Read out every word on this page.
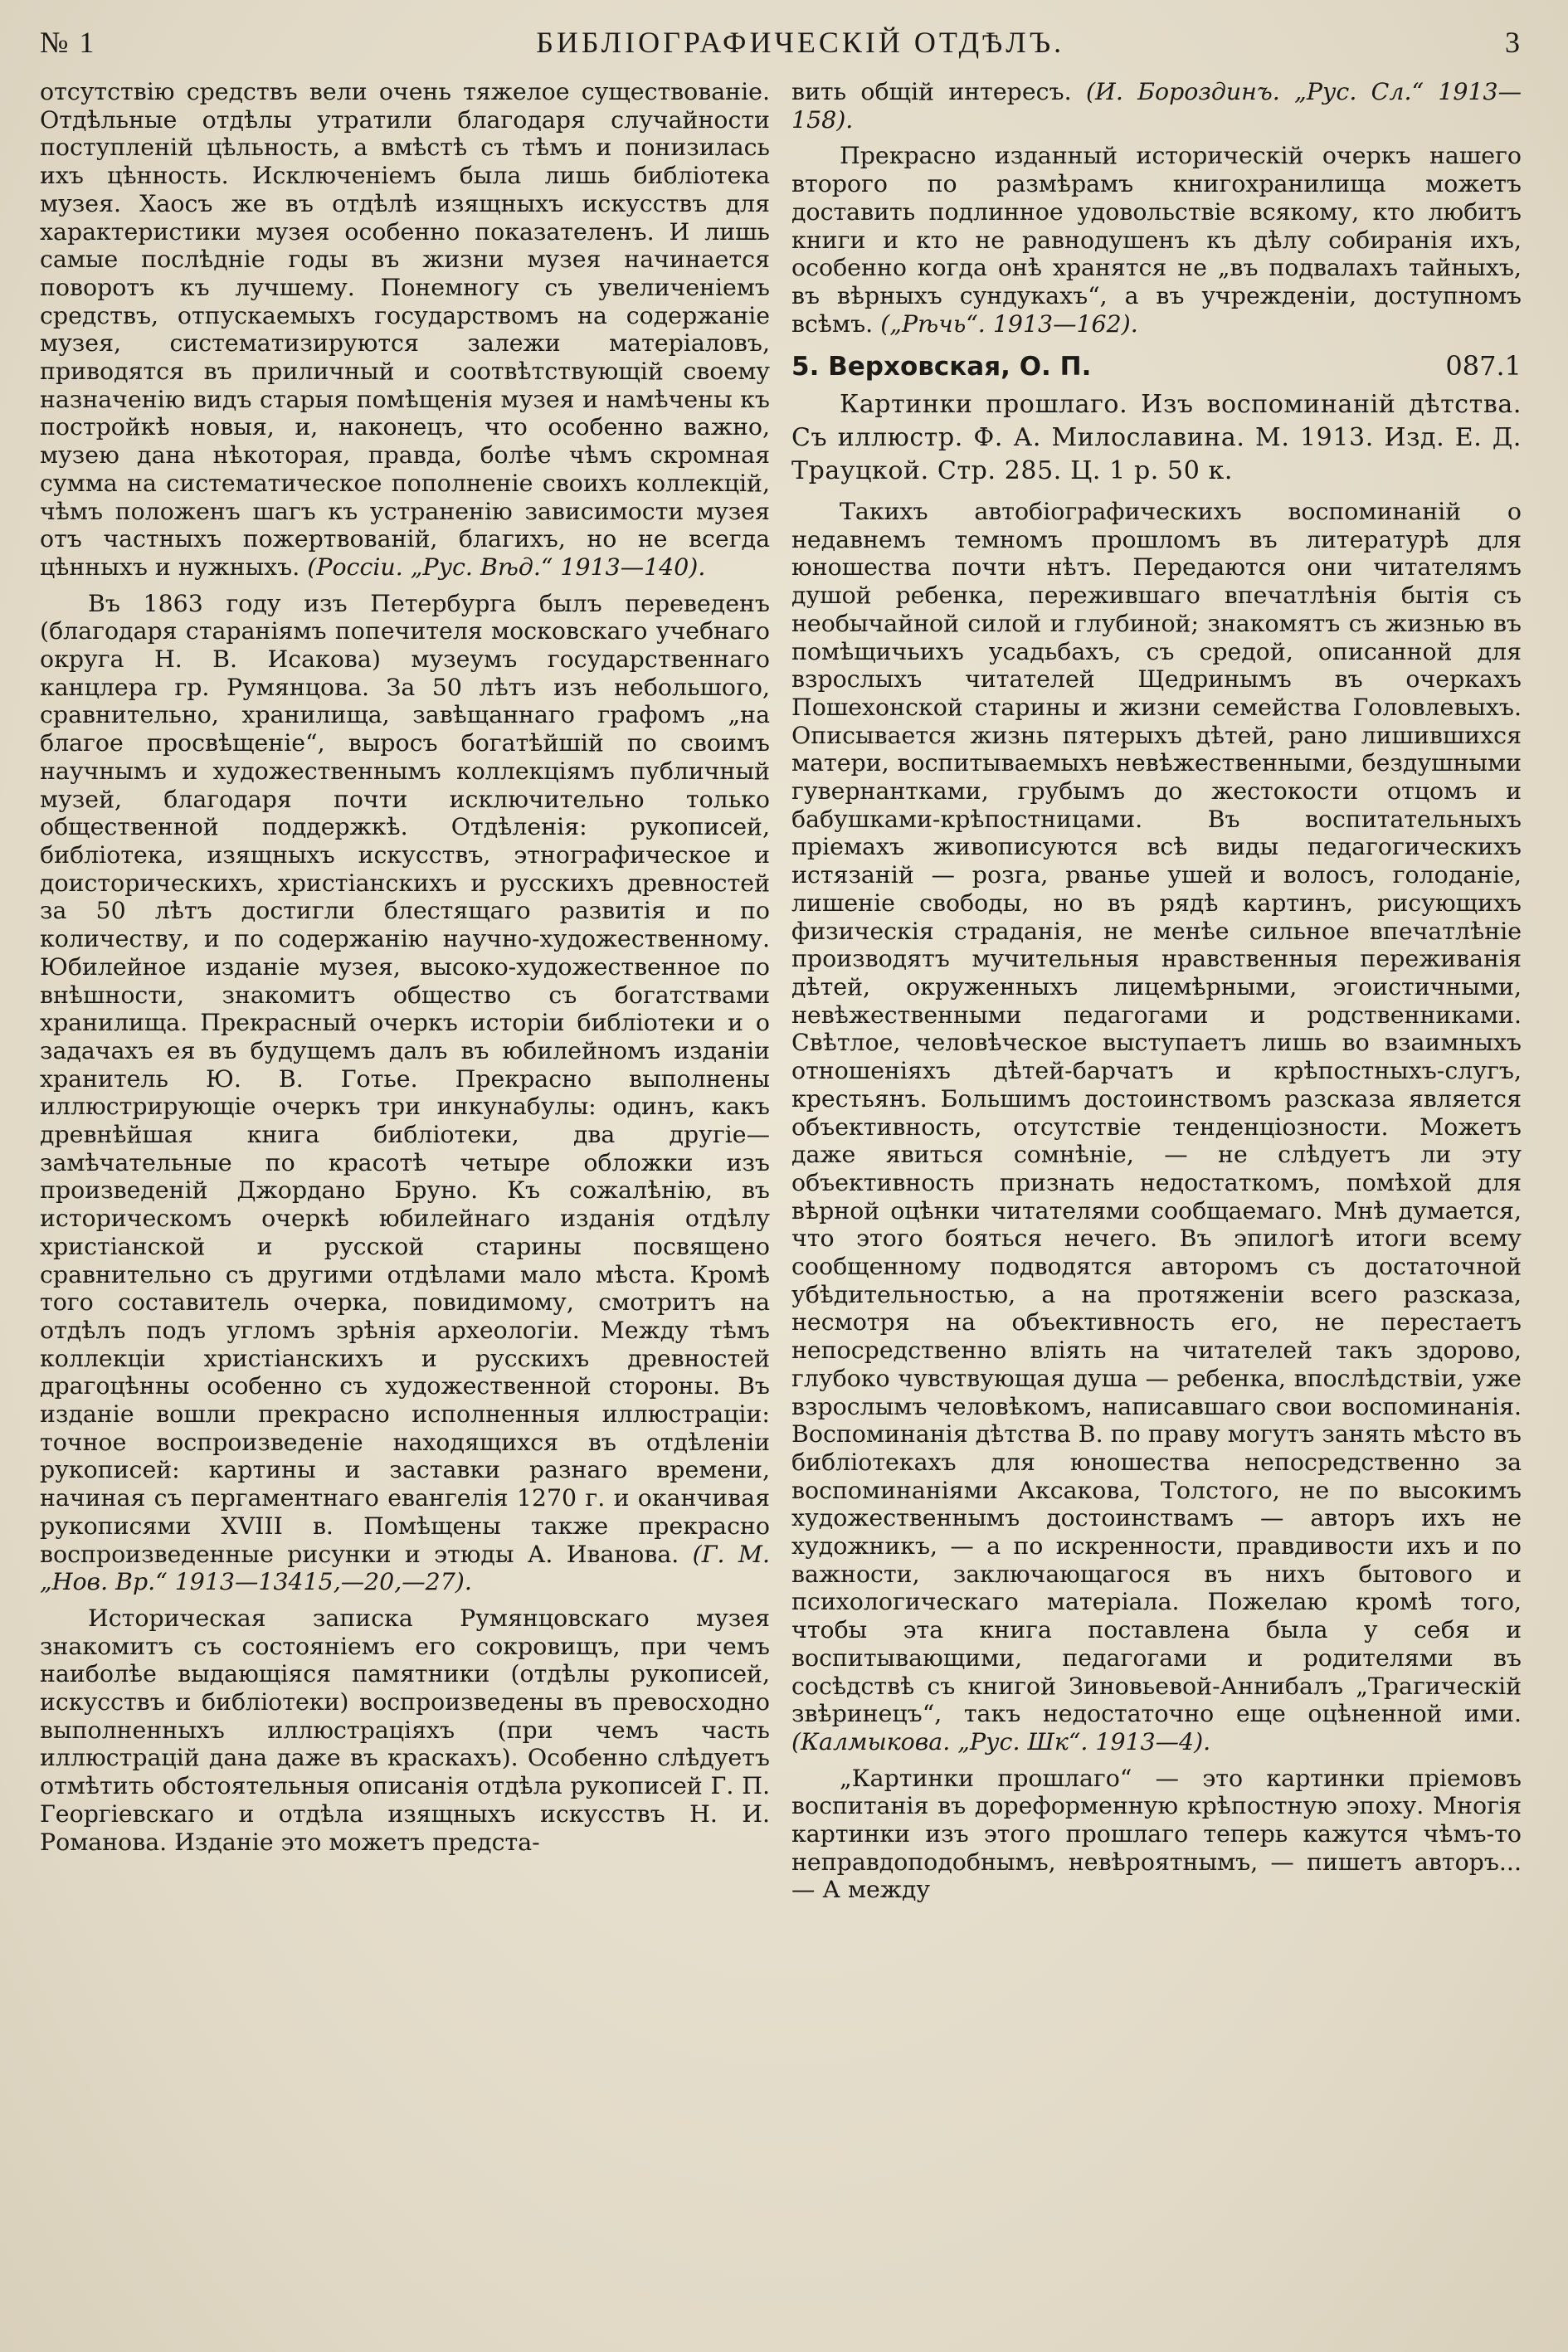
№ 1	БИБЛIОГРАФИЧЕСКIЙ ОТДѢЛЪ.	3

отсутствію средствъ вели очень тяжелое существованіе. Отдѣльные отдѣлы утратили благодаря случайности поступленій цѣльность, а вмѣстѣ съ тѣмъ и понизилась ихъ цѣнность. Исключеніемъ была лишь библіотека музея. Хаосъ же въ отдѣлѣ изящныхъ искусствъ для характеристики музея особенно показателенъ. И лишь самые послѣдніе годы въ жизни музея начинается поворотъ къ лучшему. Понемногу съ увеличеніемъ средствъ, отпускаемыхъ государствомъ на содержаніе музея, систематизируются залежи матеріаловъ, приводятся въ приличный и соотвѣтствующій своему назначенію видъ старыя помѣщенія музея и намѣчены къ постройкѣ новыя, и, наконецъ, что особенно важно, музею дана нѣкоторая, правда, болѣе чѣмъ скромная сумма на систематическое пополненіе своихъ коллекцій, чѣмъ положенъ шагъ къ устраненію зависимости музея отъ частныхъ пожертвованій, благихъ, но не всегда цѣнныхъ и нужныхъ. (Россіи. „Рус. Вѣд.“ 1913—140).

Въ 1863 году изъ Петербурга былъ переведенъ (благодаря стараніямъ попечителя московскаго учебнаго округа Н. В. Исакова) музеумъ государственнаго канцлера гр. Румянцова. За 50 лѣтъ изъ небольшого, сравнительно, хранилища, завѣщаннаго графомъ „на благое просвѣщеніе“, выросъ богатѣйшій по своимъ научнымъ и художественнымъ коллекціямъ публичный музей, благодаря почти исключительно только общественной поддержкѣ. Отдѣленія: рукописей, библіотека, изящныхъ искусствъ, этнографическое и доисторическихъ, христіанскихъ и русскихъ древностей за 50 лѣтъ достигли блестящаго развитія и по количеству, и по содержанію научно-художественному. Юбилейное изданіе музея, высоко-художественное по внѣшности, знакомитъ общество съ богатствами хранилища. Прекрасный очеркъ исторіи библіотеки и о задачахъ ея въ будущемъ далъ въ юбилейномъ изданіи хранитель Ю. В. Готье. Прекрасно выполнены иллюстрирующіе очеркъ три инкунабулы: одинъ, какъ древнѣйшая книга библіотеки, два другіе— замѣчательные по красотѣ четыре обложки изъ произведеній Джордано Бруно. Къ сожалѣнію, въ историческомъ очеркѣ юбилейнаго изданія отдѣлу христіанской и русской старины посвящено сравнительно съ другими отдѣлами мало мѣста. Кромѣ того составитель очерка, повидимому, смотритъ на отдѣлъ подъ угломъ зрѣнія археологіи. Между тѣмъ коллекціи христіанскихъ и русскихъ древностей драгоцѣнны особенно съ художественной стороны. Въ изданіе вошли прекрасно исполненныя иллюстраціи: точное воспроизведеніе находящихся въ отдѣленіи рукописей: картины и заставки разнаго времени, начиная съ пергаментнаго евангелія 1270 г. и оканчивая рукописями XVIII в. Помѣщены также прекрасно воспроизведенные рисунки и этюды А. Иванова. (Г. М. „Нов. Вр.“ 1913—13415,—20,—27).

Историческая записка Румянцовскаго музея знакомитъ съ состояніемъ его сокровищъ, при чемъ наиболѣе выдающіяся памятники (отдѣлы рукописей, искусствъ и библіотеки) воспроизведены въ превосходно выполненныхъ иллюстраціяхъ (при чемъ часть иллюстрацій дана даже въ краскахъ). Особенно слѣдуетъ отмѣтить обстоятельныя описанія отдѣла рукописей Г. П. Георгіевскаго и отдѣла изящныхъ искусствъ Н. И. Романова. Изданіе это можетъ предста-

вить общій интересъ. (И. Бороздинъ. „Рус. Сл.“ 1913—158).

Прекрасно изданный историческій очеркъ нашего второго по размѣрамъ книгохранилища можетъ доставить подлинное удовольствіе всякому, кто любитъ книги и кто не равнодушенъ къ дѣлу собиранія ихъ, особенно когда онѣ хранятся не „въ подвалахъ тайныхъ, въ вѣрныхъ сундукахъ“, а въ учрежденіи, доступномъ всѣмъ. („Рѣчь“. 1913—162).

5. Верховская, О. П.	087.1

Картинки прошлаго. Изъ воспоминаній дѣтства. Съ иллюстр. Ф. А. Милославина. М. 1913. Изд. Е. Д. Трауцкой. Стр. 285. Ц. 1 р. 50 к.

Такихъ автобіографическихъ воспоминаній о недавнемъ темномъ прошломъ въ литературѣ для юношества почти нѣтъ. Передаются они читателямъ душой ребенка, пережившаго впечатлѣнія бытія съ необычайной силой и глубиной; знакомятъ съ жизнью въ помѣщичьихъ усадьбахъ, съ средой, описанной для взрослыхъ читателей Щедринымъ въ очеркахъ Пошехонской старины и жизни семейства Головлевыхъ. Описывается жизнь пятерыхъ дѣтей, рано лишившихся матери, воспитываемыхъ невѣжественными, бездушными гувернантками, грубымъ до жестокости отцомъ и бабушками-крѣпостницами. Въ воспитательныхъ пріемахъ живописуются всѣ виды педагогическихъ истязаній — розга, рванье ушей и волосъ, голоданіе, лишеніе свободы, но въ рядѣ картинъ, рисующихъ физическія страданія, не менѣе сильное впечатлѣніе производятъ мучительныя нравственныя переживанія дѣтей, окруженныхъ лицемѣрными, эгоистичными, невѣжественными педагогами и родственниками. Свѣтлое, человѣческое выступаетъ лишь во взаимныхъ отношеніяхъ дѣтей-барчатъ и крѣпостныхъ-слугъ, крестьянъ. Большимъ достоинствомъ разсказа является объективность, отсутствіе тенденціозности. Можетъ даже явиться сомнѣніе, — не слѣдуетъ ли эту объективность признать недостаткомъ, помѣхой для вѣрной оцѣнки читателями сообщаемаго. Мнѣ думается, что этого бояться нечего. Въ эпилогѣ итоги всему сообщенному подводятся авторомъ съ достаточной убѣдительностью, а на протяженіи всего разсказа, несмотря на объективность его, не перестаетъ непосредственно вліять на читателей такъ здорово, глубоко чувствующая душа — ребенка, впослѣдствіи, уже взрослымъ человѣкомъ, написавшаго свои воспоминанія. Воспоминанія дѣтства В. по праву могутъ занять мѣсто въ библіотекахъ для юношества непосредственно за воспоминаніями Аксакова, Толстого, не по высокимъ художественнымъ достоинствамъ — авторъ ихъ не художникъ, — а по искренности, правдивости ихъ и по важности, заключающагося въ нихъ бытового и психологическаго матеріала. Пожелаю кромѣ того, чтобы эта книга поставлена была у себя и воспитывающими, педагогами и родителями въ сосѣдствѣ съ книгой Зиновьевой-Аннибалъ „Трагическій звѣринецъ“, такъ недостаточно еще оцѣненной ими. (Калмыкова. „Рус. Шк“. 1913—4).

„Картинки прошлаго“ — это картинки пріемовъ воспитанія въ дореформенную крѣпостную эпоху. Многія картинки изъ этого прошлаго теперь кажутся чѣмъ-то неправдоподобнымъ, невѣроятнымъ, — пишетъ авторъ... — А между
